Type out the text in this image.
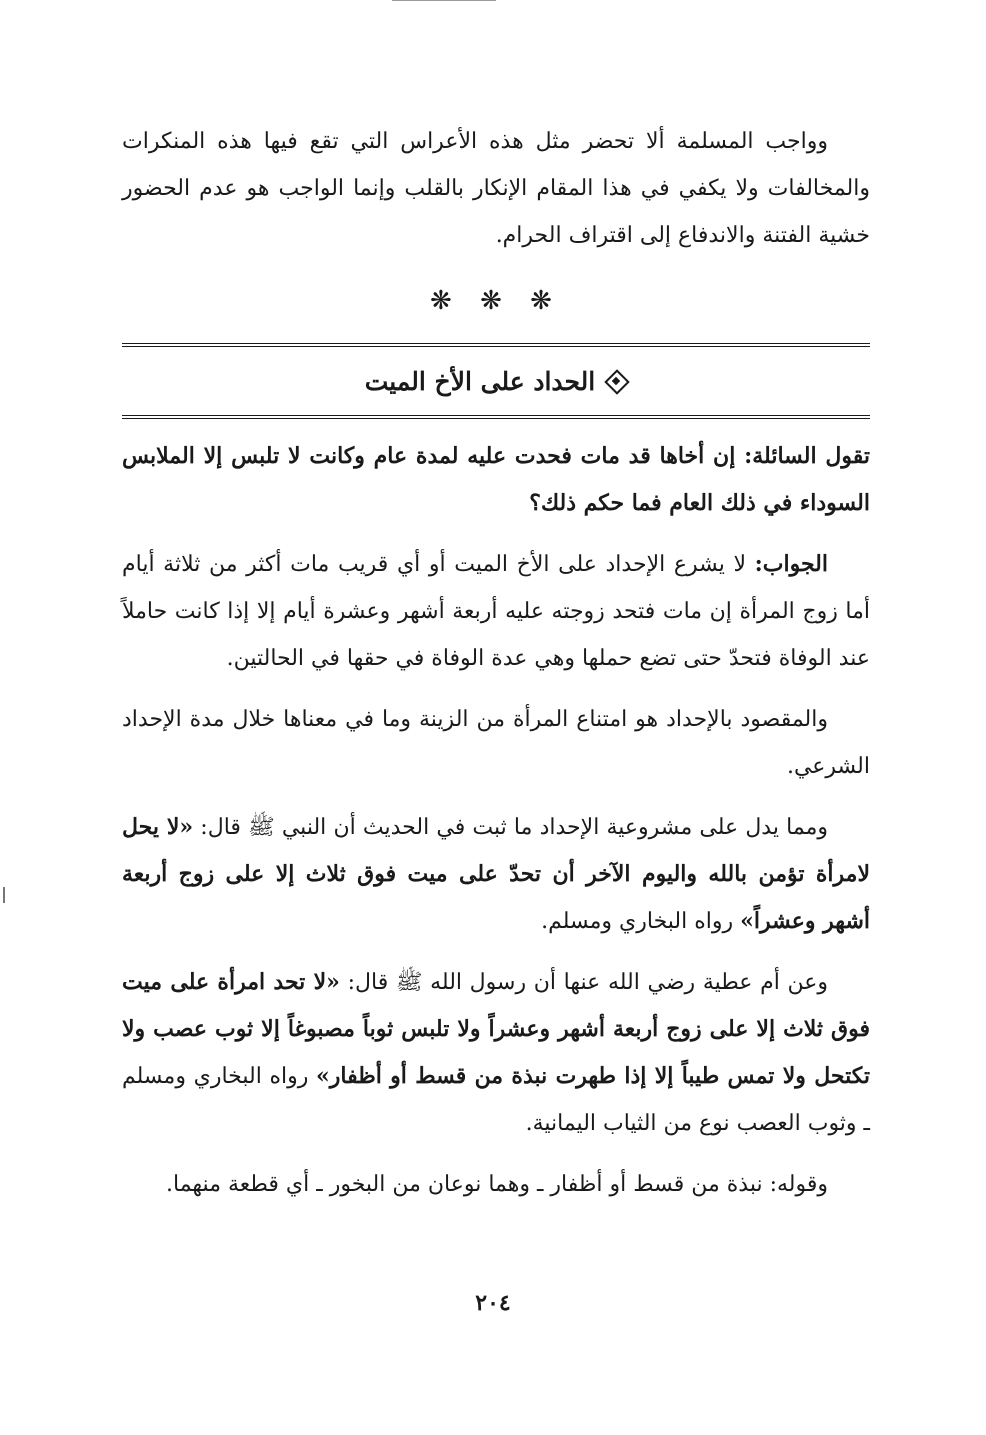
وواجب المسلمة ألا تحضر مثل هذه الأعراس التي تقع فيها هذه المنكرات والمخالفات ولا يكفي في هذا المقام الإنكار بالقلب وإنما الواجب هو عدم الحضور خشية الفتنة والاندفاع إلى اقتراف الحرام.

❋ ❋ ❋
الحداد على الأخ الميت

تقول السائلة: إن أخاها قد مات فحدت عليه لمدة عام وكانت لا تلبس إلا الملابس السوداء في ذلك العام فما حكم ذلك؟

الجواب: لا يشرع الإحداد على الأخ الميت أو أي قريب مات أكثر من ثلاثة أيام أما زوج المرأة إن مات فتحد زوجته عليه أربعة أشهر وعشرة أيام إلا إذا كانت حاملاً عند الوفاة فتحدّ حتى تضع حملها وهي عدة الوفاة في حقها في الحالتين.

والمقصود بالإحداد هو امتناع المرأة من الزينة وما في معناها خلال مدة الإحداد الشرعي.

ومما يدل على مشروعية الإحداد ما ثبت في الحديث أن النبي ﷺ قال: «لا يحل لامرأة تؤمن بالله واليوم الآخر أن تحدّ على ميت فوق ثلاث إلا على زوج أربعة أشهر وعشراً» رواه البخاري ومسلم.

وعن أم عطية رضي الله عنها أن رسول الله ﷺ قال: «لا تحد امرأة على ميت فوق ثلاث إلا على زوج أربعة أشهر وعشراً ولا تلبس ثوباً مصبوغاً إلا ثوب عصب ولا تكتحل ولا تمس طيباً إلا إذا طهرت نبذة من قسط أو أظفار» رواه البخاري ومسلم ـ وثوب العصب نوع من الثياب اليمانية.

وقوله: نبذة من قسط أو أظفار ـ وهما نوعان من البخور ـ أي قطعة منهما.

٢٠٤
